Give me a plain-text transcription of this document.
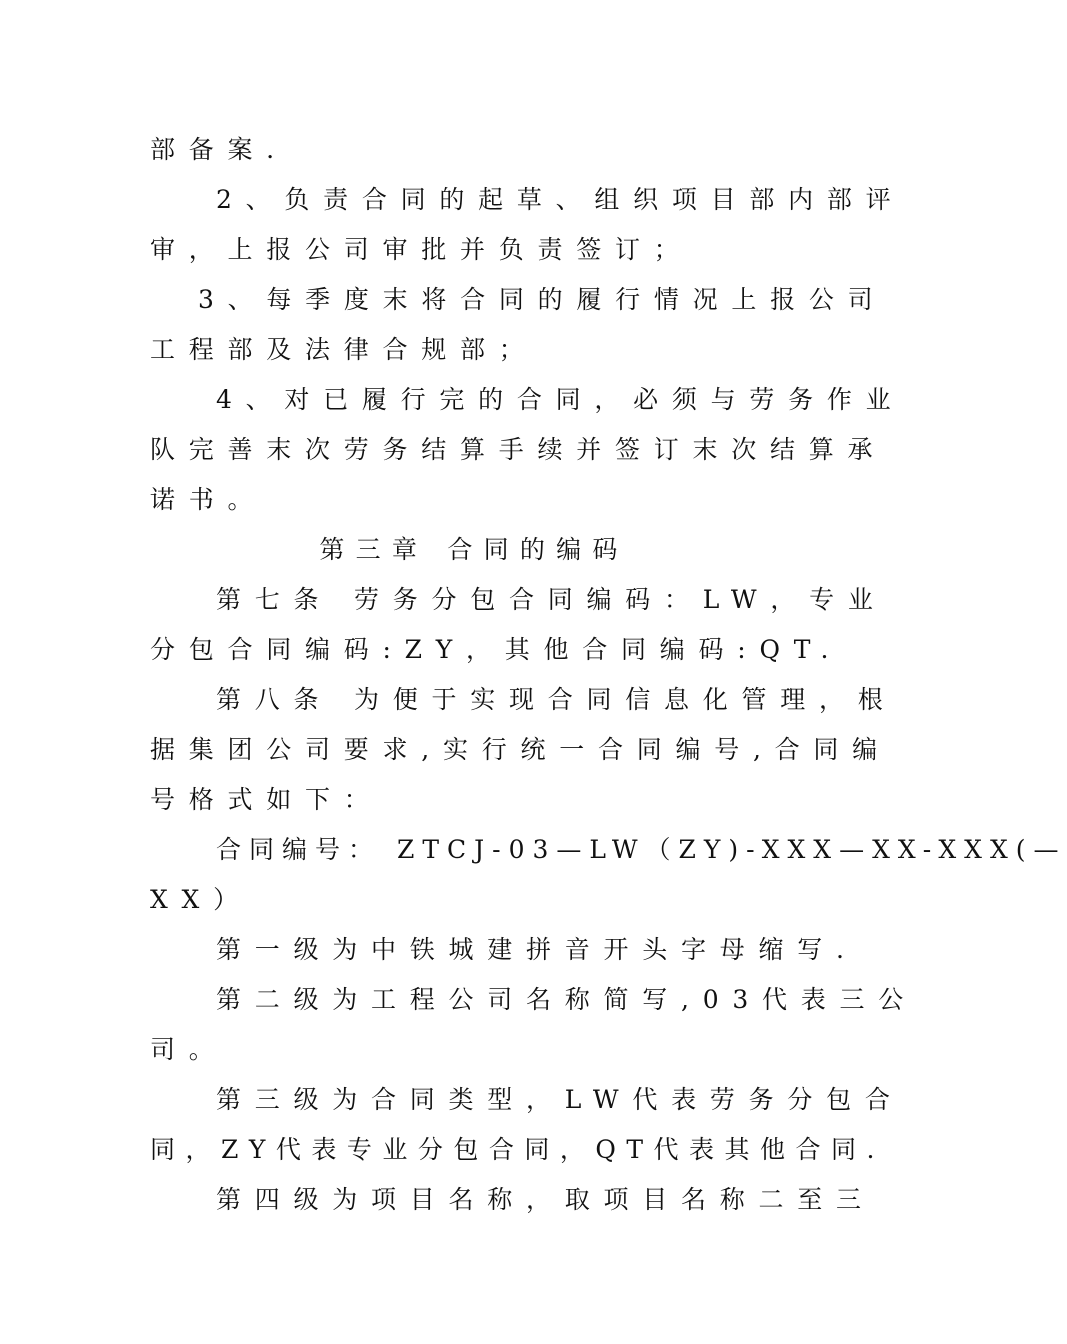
部备案．
2、负责合同的起草、组织项目部内部评
审，上报公司审批并负责签订；
3、每季度末将合同的履行情况上报公司
工程部及法律合规部；
4、对已履行完的合同，必须与劳务作业
队完善末次劳务结算手续并签订末次结算承
诺书。
第三章 合同的编码
第七条 劳务分包合同编码：LW，专业
分包合同编码:ZY，其他合同编码:QT.
第八条 为便于实现合同信息化管理，根
据集团公司要求,实行统一合同编号,合同编
号格式如下：
合同编号： ZTCJ-03—LW（ZY)-XXX—XX-XXX(—
XX）
第一级为中铁城建拼音开头字母缩写.
第二级为工程公司名称简写,03代表三公
司。
第三级为合同类型，LW代表劳务分包合
同，ZY代表专业分包合同，QT代表其他合同.
第四级为项目名称，取项目名称二至三
